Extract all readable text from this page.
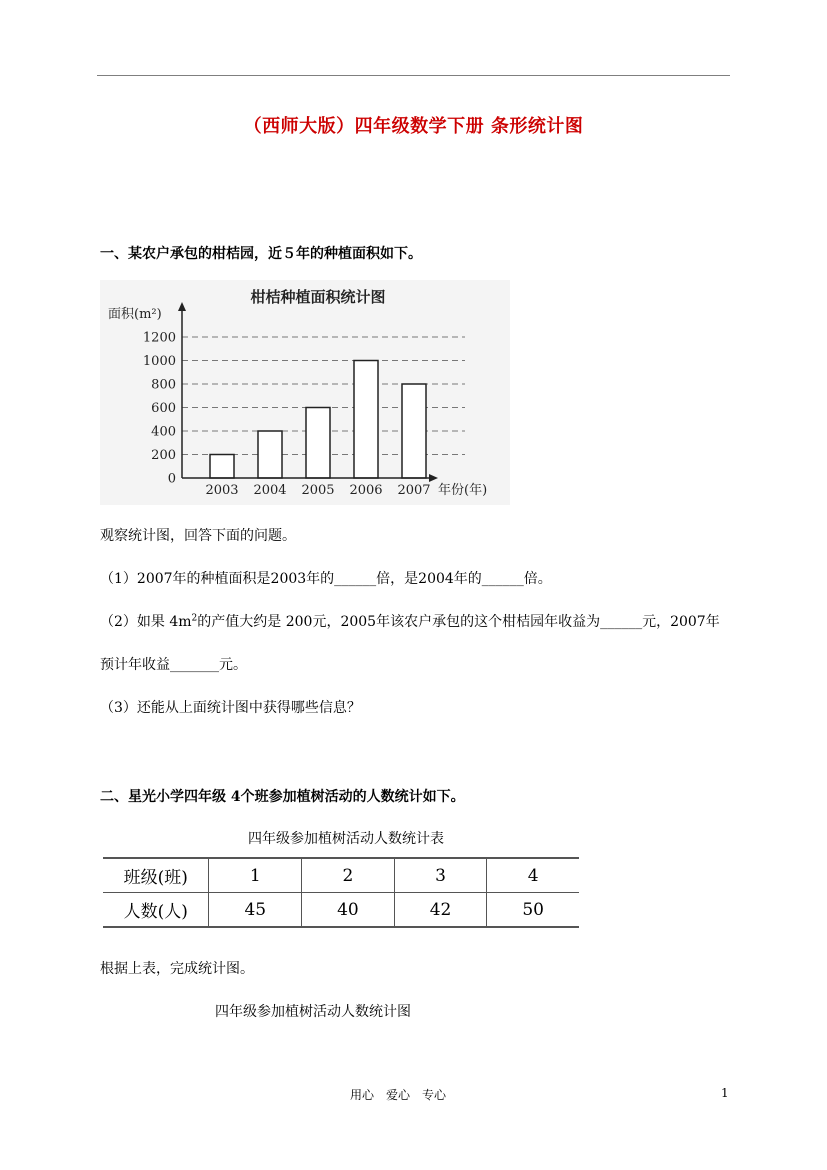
（西师大版）四年级数学下册 条形统计图
一、某农户承包的柑桔园，近５年的种植面积如下。
柑桔种植面积统计图
面积(m²)
0
200
400
600
800
1000
1200
2003 2004 2005 2006 2007 年份(年)
观察统计图，回答下面的问题。
（1）2007年的种植面积是2003年的______倍，是2004年的______倍。
（2）如果 $4m^2$的产值大约是 200元，2005年该农户承包的这个柑桔园年收益为______元，2007年
预计年收益_______元。
（3）还能从上面统计图中获得哪些信息？
二、星光小学四年级 4个班参加植树活动的人数统计如下。
四年级参加植树活动人数统计表
班级(班)	1	2	3	4
人数(人)	45	40	42	50
根据上表，完成统计图。
四年级参加植树活动人数统计图
用心　爱心　专心	1
